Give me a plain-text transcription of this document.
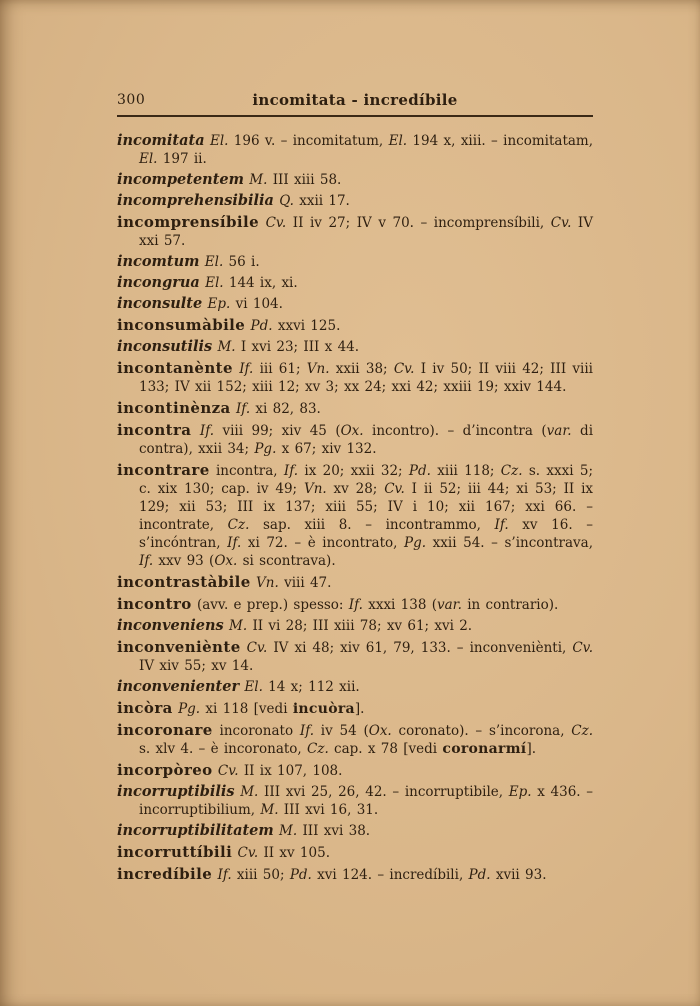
300	incomitata - incredíbile

incomitata El. 196 v. – incomitatum, El. 194 x, xiii. – incomitatam, El. 197 ii.

incompetentem M. III xiii 58.

incomprehensibilia Q. xxii 17.

incomprensíbile Cv. II iv 27; IV v 70. – incomprensíbili, Cv. IV xxi 57.

incomtum El. 56 i.

incongrua El. 144 ix, xi.

inconsulte Ep. vi 104.

inconsumàbile Pd. xxvi 125.

inconsutilis M. I xvi 23; III x 44.

incontanènte If. iii 61; Vn. xxii 38; Cv. I iv 50; II viii 42; III viii 133; IV xii 152; xiii 12; xv 3; xx 24; xxi 42; xxiii 19; xxiv 144.

incontinènza If. xi 82, 83.

incontra If. viii 99; xiv 45 (Ox. incontro). – d’incontra (var. di contra), xxii 34; Pg. x 67; xiv 132.

incontrare incontra, If. ix 20; xxii 32; Pd. xiii 118; Cz. s. xxxi 5; c. xix 130; cap. iv 49; Vn. xv 28; Cv. I ii 52; iii 44; xi 53; II ix 129; xii 53; III ix 137; xiii 55; IV i 10; xii 167; xxi 66. – incontrate, Cz. sap. xiii 8. – incontrammo, If. xv 16. – s’incóntran, If. xi 72. – è incontrato, Pg. xxii 54. – s’incontrava, If. xxv 93 (Ox. si scontrava).

incontrastàbile Vn. viii 47.

incontro (avv. e prep.) spesso: If. xxxi 138 (var. in contrario).

inconveniens M. II vi 28; III xiii 78; xv 61; xvi 2.

inconveniènte Cv. IV xi 48; xiv 61, 79, 133. – inconveniènti, Cv. IV xiv 55; xv 14.

inconvenienter El. 14 x; 112 xii.

incòra Pg. xi 118 [vedi incuòra].

incoronare incoronato If. iv 54 (Ox. coronato). – s’incorona, Cz. s. xlv 4. – è incoronato, Cz. cap. x 78 [vedi coronarmí].

incorpòreo Cv. II ix 107, 108.

incorruptibilis M. III xvi 25, 26, 42. – incorruptibile, Ep. x 436. – incorruptibilium, M. III xvi 16, 31.

incorruptibilitatem M. III xvi 38.

incorruttíbili Cv. II xv 105.

incredíbile If. xiii 50; Pd. xvi 124. – incredíbili, Pd. xvii 93.
